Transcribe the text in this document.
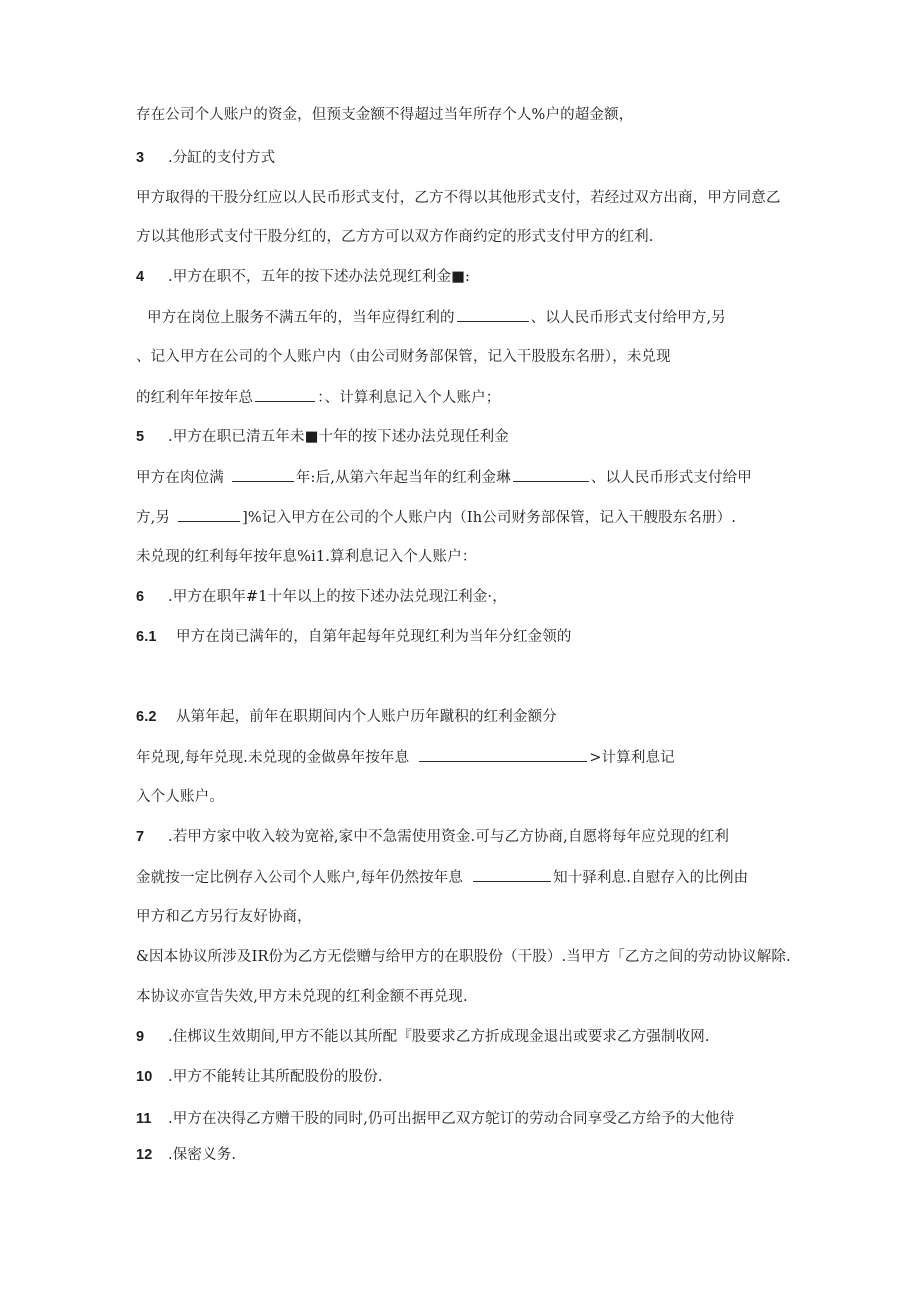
存在公司个人账户的资金，但预支金额不得超过当年所存个人%户的超金额，
3 .分缸的支付方式
甲方取得的干股分红应以人民币形式支付，乙方不得以其他形式支付，若经过双方出商，甲方同意乙
方以其他形式支付干股分红的，乙方方可以双方作商约定的形式支付甲方的红利.
4 .甲方在职不，五年的按下述办法兑现红利金■:
甲方在岗位上服务不满五年的，当年应得红利的	、以人民币形式支付给甲方,另
、记入甲方在公司的个人账户内（由公司财务部保管，记入干股股东名册），未兑现
的红利年年按年总	：、计算利息记入个人账户；
5 .甲方在职已清五年未■十年的按下述办法兑现任利金
甲方在肉位满	年:后,从第六年起当年的红利金琳	、以人民币形式支付给甲
方,另	]%记入甲方在公司的个人账户内（Ih公司财务部保管，记入干艘股东名册）.
未兑现的红利每年按年息%i1.算利息记入个人账户：
6 .甲方在职年#1十年以上的按下述办法兑现江利金·，
6.1 甲方在岗已满年的，自第年起每年兑现红利为当年分红金领的
6.2 从第年起，前年在职期间内个人账户历年蹴积的红利金额分
年兑现,每年兑现.未兑现的金做鼻年按年息	>计算利息记
入个人账户。
7 .若甲方家中收入较为宽裕,家中不急需使用资金.可与乙方协商,自愿将每年应兑现的红利
金就按一定比例存入公司个人账户,每年仍然按年息	知十驿利息.自慰存入的比例由
甲方和乙方另行友好协商，
&因本协议所涉及IR份为乙方无偿赠与给甲方的在职股份（干股）.当甲方「乙方之间的劳动协议解除.
本协议亦宣告失效,甲方未兑现的红利金额不再兑现.
9 .住梆议生效期间,甲方不能以其所配『股要求乙方折成现金退出或要求乙方强制收网.
10 .甲方不能转让其所配股份的股份.
11 .甲方在决得乙方赠干股的同时,仍可出据甲乙双方鸵订的劳动合同享受乙方给予的大他待
12 .保密义务.
